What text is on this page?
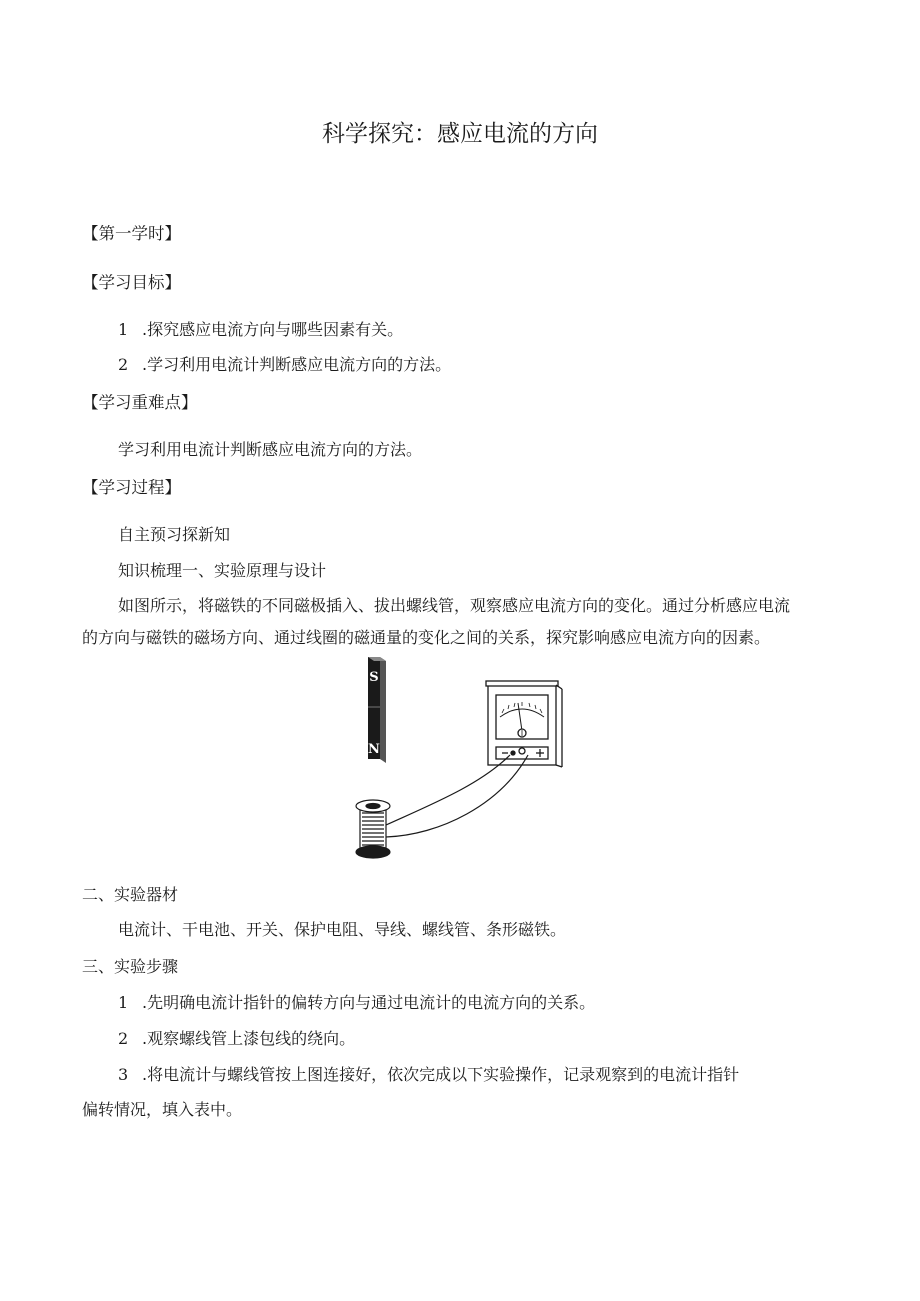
科学探究：感应电流的方向
【第一学时】
【学习目标】
1 .探究感应电流方向与哪些因素有关。
2 .学习利用电流计判断感应电流方向的方法。
【学习重难点】
学习利用电流计判断感应电流方向的方法。
【学习过程】
自主预习探新知
知识梳理一、实验原理与设计
如图所示，将磁铁的不同磁极插入、拔出螺线管，观察感应电流方向的变化。通过分析感应电流
的方向与磁铁的磁场方向、通过线圈的磁通量的变化之间的关系，探究影响感应电流方向的因素。
S
N
二、实验器材
电流计、干电池、开关、保护电阻、导线、螺线管、条形磁铁。
三、实验步骤
1 .先明确电流计指针的偏转方向与通过电流计的电流方向的关系。
2 .观察螺线管上漆包线的绕向。
3 .将电流计与螺线管按上图连接好，依次完成以下实验操作，记录观察到的电流计指针
偏转情况，填入表中。
